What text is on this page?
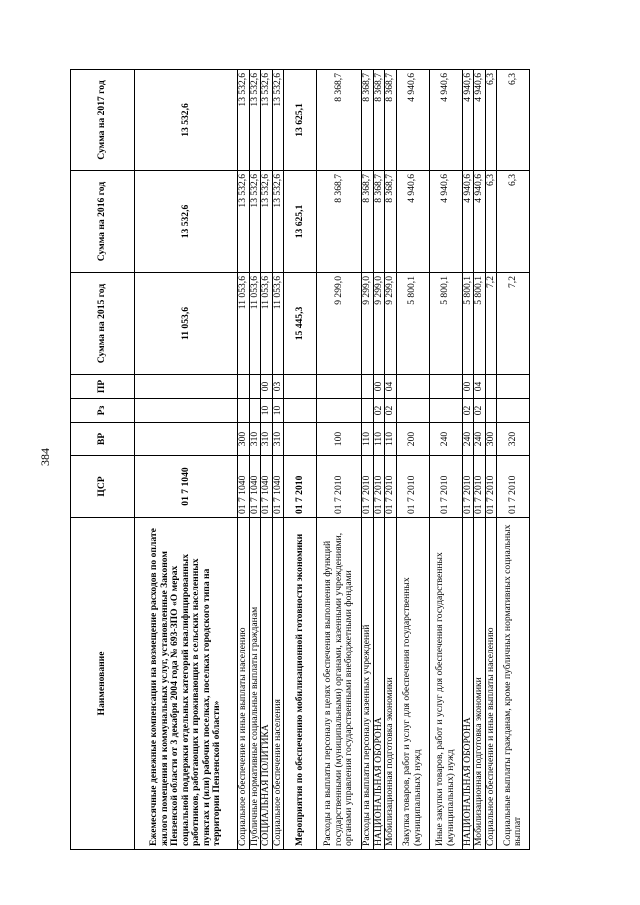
384
Наименование	ЦСР	ВР	Рз	ПР	Сумма на 2015 год	Сумма на 2016 год	Сумма на 2017 год
Ежемесячные денежные компенсации на возмещение расходов по оплате жилого помещения и коммунальных услуг, установленные Законом Пензенской области от 3 декабря 2004 года № 693-ЗПО «О мерах социальной поддержки отдельных категорий квалифицированных работников, работающих и проживающих в сельских населенных пунктах и (или) рабочих поселках, поселках городского типа на территории Пензенской области»	01 7 1040				11 053,6	13 532,6	13 532,6
Социальное обеспечение и иные выплаты населению	01 7 1040	300			11 053,6	13 532,6	13 532,6
Публичные нормативные социальные выплаты гражданам	01 7 1040	310			11 053,6	13 532,6	13 532,6
СОЦИАЛЬНАЯ ПОЛИТИКА	01 7 1040	310	10	00	11 053,6	13 532,6	13 532,6
Социальное обеспечение населения	01 7 1040	310	10	03	11 053,6	13 532,6	13 532,6
Мероприятия по обеспечению мобилизационной готовности экономики	01 7 2010				15 445,3	13 625,1	13 625,1
Расходы на выплаты персоналу в целях обеспечения выполнения функций государственными (муниципальными) органами, казенными учреждениями, органами управления государственными внебюджетными фондами	01 7 2010	100			9 299,0	8 368,7	8 368,7
Расходы на выплаты персоналу казенных учреждений	01 7 2010	110			9 299,0	8 368,7	8 368,7
НАЦИОНАЛЬНАЯ ОБОРОНА	01 7 2010	110	02	00	9 299,0	8 368,7	8 368,7
Мобилизационная подготовка экономики	01 7 2010	110	02	04	9 299,0	8 368,7	8 368,7
Закупка товаров, работ и услуг для обеспечения государственных (муниципальных) нужд	01 7 2010	200			5 800,1	4 940,6	4 940,6
Иные закупки товаров, работ и услуг для обеспечения государственных (муниципальных) нужд	01 7 2010	240			5 800,1	4 940,6	4 940,6
НАЦИОНАЛЬНАЯ ОБОРОНА	01 7 2010	240	02	00	5 800,1	4 940,6	4 940,6
Мобилизационная подготовка экономики	01 7 2010	240	02	04	5 800,1	4 940,6	4 940,6
Социальное обеспечение и иные выплаты населению	01 7 2010	300			7,2	6,3	6,3
Социальные выплаты гражданам, кроме публичных нормативных социальных выплат	01 7 2010	320			7,2	6,3	6,3
